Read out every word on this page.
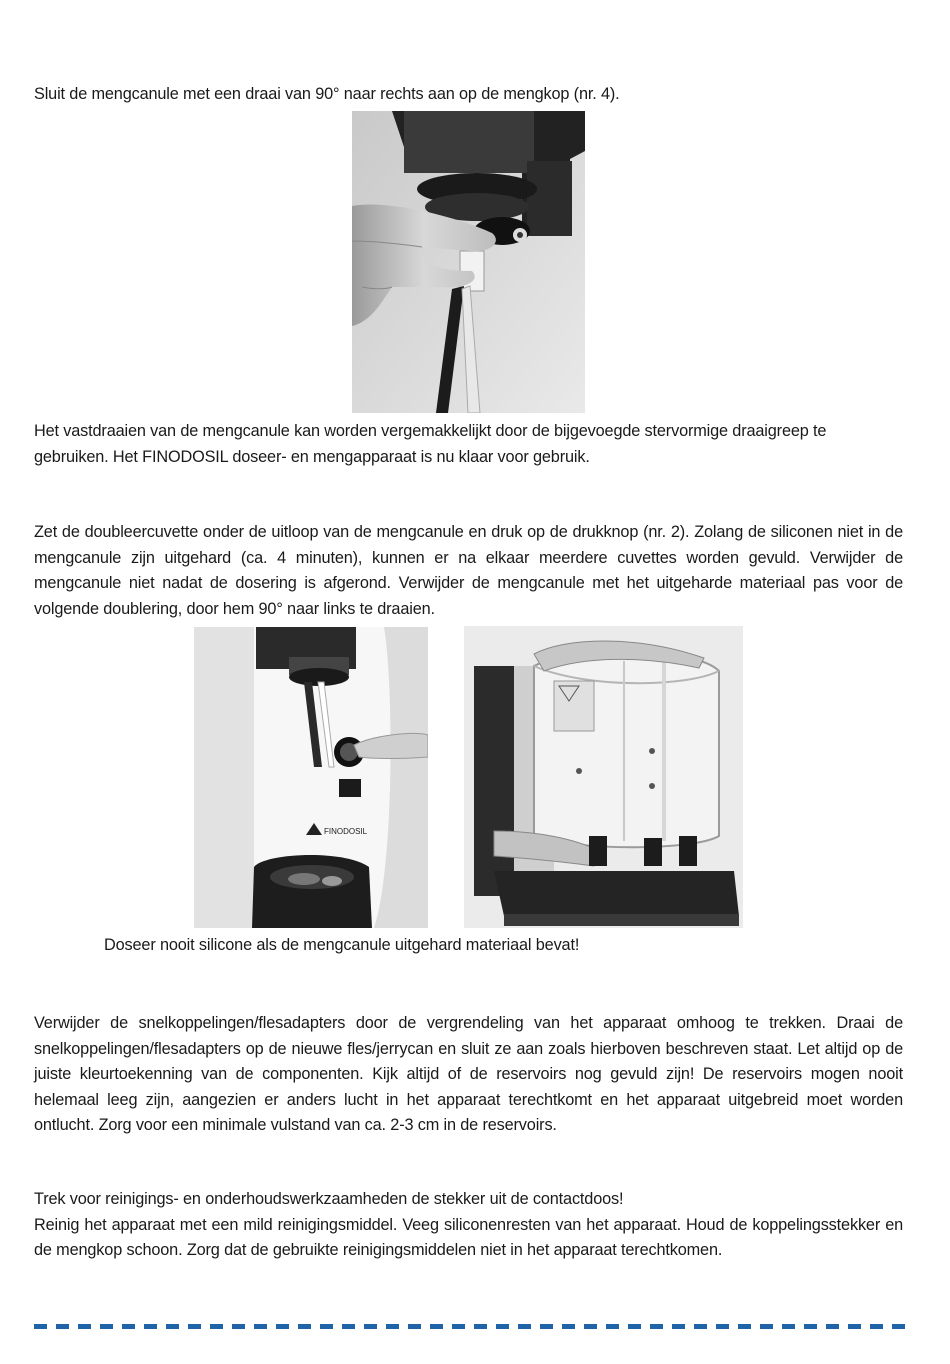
Sluit de mengcanule met een draai van 90° naar rechts aan op de mengkop (nr. 4).

Het vastdraaien van de mengcanule kan worden vergemakkelijkt door de bijgevoegde stervormige draaigreep te gebruiken. Het FINODOSIL doseer- en mengapparaat is nu klaar voor gebruik.

Zet de doubleercuvette onder de uitloop van de mengcanule en druk op de drukknop (nr. 2). Zolang de siliconen niet in de mengcanule zijn uitgehard (ca. 4 minuten), kunnen er na elkaar meerdere cuvettes worden gevuld. Verwijder de mengcanule niet nadat de dosering is afgerond. Verwijder de mengcanule met het uitgeharde materiaal pas voor de volgende doublering, door hem 90° naar links te draaien.

FINODOSIL
Doseer nooit silicone als de mengcanule uitgehard materiaal bevat!

Verwijder de snelkoppelingen/flesadapters door de vergrendeling van het apparaat omhoog te trekken. Draai de snelkoppelingen/flesadapters op de nieuwe fles/jerrycan en sluit ze aan zoals hierboven beschreven staat. Let altijd op de juiste kleurtoekenning van de componenten. Kijk altijd of de reservoirs nog gevuld zijn! De reservoirs mogen nooit helemaal leeg zijn, aangezien er anders lucht in het apparaat terechtkomt en het apparaat uitgebreid moet worden ontlucht. Zorg voor een minimale vulstand van ca. 2-3 cm in de reservoirs.

Trek voor reinigings- en onderhoudswerkzaamheden de stekker uit de contactdoos!
Reinig het apparaat met een mild reinigingsmiddel. Veeg siliconenresten van het apparaat. Houd de koppelingsstekker en de mengkop schoon. Zorg dat de gebruikte reinigingsmiddelen niet in het apparaat terechtkomen.
